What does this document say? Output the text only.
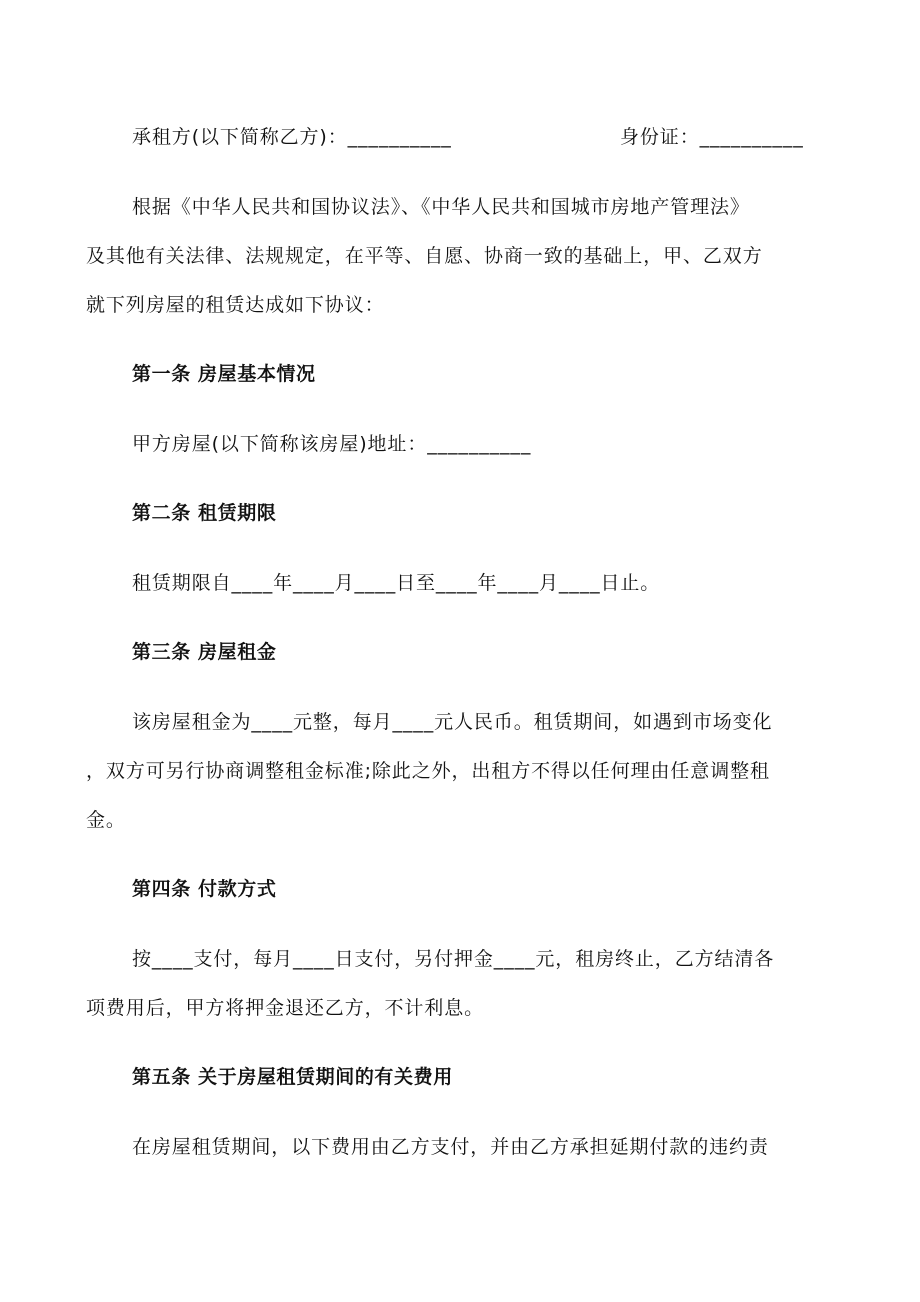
承租方(以下简称乙方)：__________	身份证：__________
根据《中华人民共和国协议法》、《中华人民共和国城市房地产管理法》
及其他有关法律、法规规定，在平等、自愿、协商一致的基础上，甲、乙双方
就下列房屋的租赁达成如下协议：
第一条 房屋基本情况
甲方房屋(以下简称该房屋)地址：__________
第二条 租赁期限
租赁期限自____年____月____日至____年____月____日止。
第三条 房屋租金
该房屋租金为____元整，每月____元人民币。租赁期间，如遇到市场变化
，双方可另行协商调整租金标准;除此之外，出租方不得以任何理由任意调整租
金。
第四条 付款方式
按____支付，每月____日支付，另付押金____元，租房终止，乙方结清各
项费用后，甲方将押金退还乙方，不计利息。
第五条 关于房屋租赁期间的有关费用
在房屋租赁期间，以下费用由乙方支付，并由乙方承担延期付款的违约责
